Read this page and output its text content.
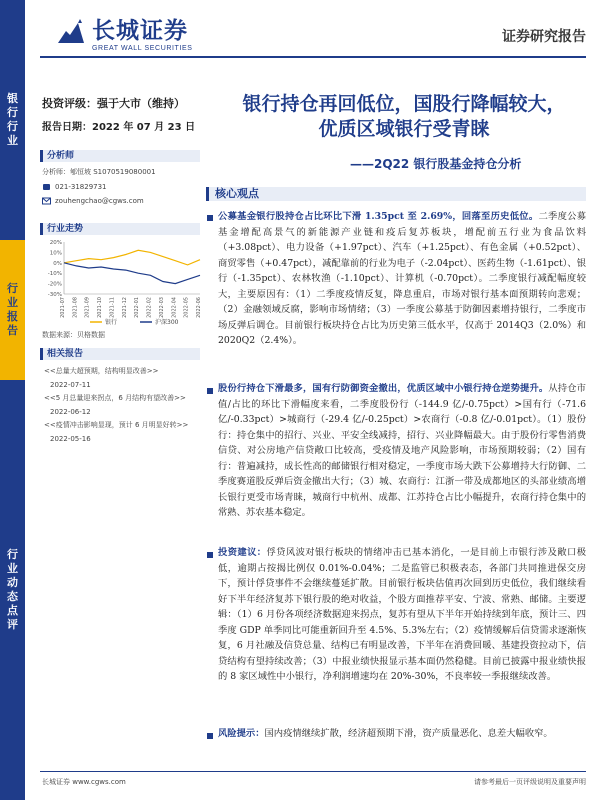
银行行业
行业报告
行业动态点评
长城证券
GREAT WALL SECURITIES
证券研究报告
投资评级：强于大市（维持）
报告日期：2022 年 07 月 23 日
分析师
分析师：郇恒坡 S1070519080001
021-31829731
zouhengchao@cgws.com
行业走势
20%
10%
0%
-10%
-20%
-30%
2021-07 2021-08 2021-09 2021-10 2021-11 2021-12 2022-01 2022-02 2022-03 2022-04 2022-05 2022-06
银行	沪深300
数据来源：贝格数据
相关报告
<<总量大超预期，结构明显改善>>
2022-07-11
<<5 月总量迎来拐点，6 月结构有望改善>>
2022-06-12
<<疫情冲击影响显现，预计 6 月明显好转>>
2022-05-16
银行持仓再回低位，国股行降幅较大，
优质区域银行受青睐
——2Q22 银行股基金持仓分析
核心观点
公募基金银行股持仓占比环比下滑 1.35pct 至 2.69%，回落至历史低位。二季度公募基金增配高景气的新能源产业链和疫后复苏板块，增配前五行业为食品饮料（+3.08pct）、电力设备（+1.97pct）、汽车（+1.25pct）、有色金属（+0.52pct）、商贸零售（+0.47pct），减配靠前的行业为电子（-2.04pct）、医药生物（-1.61pct）、银行（-1.35pct）、农林牧渔（-1.10pct）、计算机（-0.70pct）。二季度银行减配幅度较大，主要原因有：（1）二季度疫情反复，降息重启，市场对银行基本面预期转向悲观；（2）金融领域反腐，影响市场情绪；（3）一季度公募基于防御因素增持银行，二季度市场反弹后调仓。目前银行板块持仓占比为历史第三低水平，仅高于 2014Q3（2.0%）和 2020Q2（2.4%）。
股份行持仓下滑最多，国有行防御资金撤出，优质区域中小银行持仓逆势提升。从持仓市值/占比的环比下滑幅度来看，二季度股份行（-144.9 亿/-0.75pct）>国有行（-71.6 亿/-0.33pct）>城商行（-29.4 亿/-0.25pct）>农商行（-0.8 亿/-0.01pct）。（1）股份行：持仓集中的招行、兴业、平安全线减持，招行、兴业降幅最大。由于股份行零售消费信贷、对公房地产信贷敞口比较高，受疫情及地产风险影响，市场预期较弱；（2）国有行：普遍减持，成长性高的邮储银行相对稳定，一季度市场大跌下公募增持大行防御、二季度赛道股反弹后资金撤出大行；（3）城、农商行：江浙一带及成都地区的头部业绩高增长银行更受市场青睐，城商行中杭州、成都、江苏持仓占比小幅提升，农商行持仓集中的常熟、苏农基本稳定。
投资建议：俘贷风波对银行板块的情绪冲击已基本消化，一是目前上市银行涉及敞口极低，逾期占按揭比例仅 0.01%-0.04%；二是监管已积极表态，各部门共同推进保交房下，预计俘贷事件不会继续蔓延扩散。目前银行板块估值再次回到历史低位，我们继续看好下半年经济复苏下银行股的绝对收益，个股方面推荐平安、宁波、常熟、邮储。主要逻辑：（1）6 月份各项经济数据迎来拐点，复苏有望从下半年开始持续到年底，预计三、四季度 GDP 单季同比可能重新回升至 4.5%、5.3%左右；（2）疫情缓解后信贷需求逐渐恢复，6 月社融及信贷总量、结构已有明显改善，下半年在消费回暖、基建投资拉动下，信贷结构有望持续改善；（3）中报业绩快报显示基本面仍然稳健。目前已披露中报业绩快报的 8 家区域性中小银行，净利润增速均在 20%-30%，不良率较一季报继续改善。
风险提示：国内疫情继续扩散，经济超预期下滑，资产质量恶化、息差大幅收窄。
长城证券 www.cgws.com	请参考最后一页评级说明及重要声明
